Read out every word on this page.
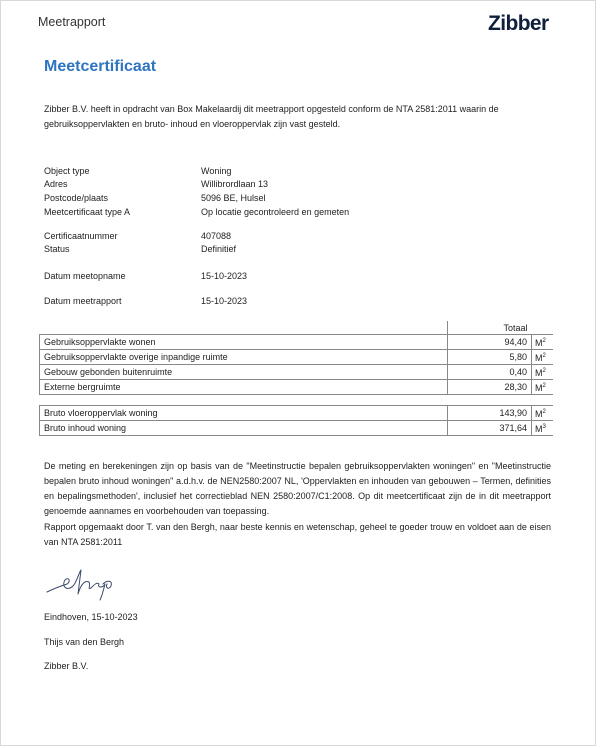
Meetrapport	Zibber
Meetcertificaat
Zibber B.V. heeft in opdracht van Box Makelaardij dit meetrapport opgesteld conform de NTA 2581:2011 waarin de gebruiksoppervlakten en bruto- inhoud en vloeroppervlak zijn vast gesteld.
Object type	Woning
Adres	Willibrordlaan 13
Postcode/plaats	5096 BE, Hulsel
Meetcertificaat type A	Op locatie gecontroleerd en gemeten
Certificaatnummer	407088
Status	Definitief
Datum meetopname	15-10-2023
Datum meetrapport	15-10-2023
	Totaal	
Gebruiksoppervlakte wonen	94,40	$M^2$
Gebruiksoppervlakte overige inpandige ruimte	5,80	$M^2$
Gebouw gebonden buitenruimte	0,40	$M^2$
Externe bergruimte	28,30	$M^2$
Bruto vloeroppervlak woning	143,90	$M^2$
Bruto inhoud woning	371,64	$M^3$
De meting en berekeningen zijn op basis van de "Meetinstructie bepalen gebruiksoppervlakten woningen" en "Meetinstructie bepalen bruto inhoud woningen" a.d.h.v. de NEN2580:2007 NL, 'Oppervlakten en inhouden van gebouwen – Termen, definities en bepalingsmethoden', inclusief het correctieblad NEN 2580:2007/C1:2008. Op dit meetcertificaat zijn de in dit meetrapport genoemde aannames en voorbehouden van toepassing.
Rapport opgemaakt door T. van den Bergh, naar beste kennis en wetenschap, geheel te goeder trouw en voldoet aan de eisen van NTA 2581:2011
Eindhoven, 15-10-2023
Thijs van den Bergh
Zibber B.V.
